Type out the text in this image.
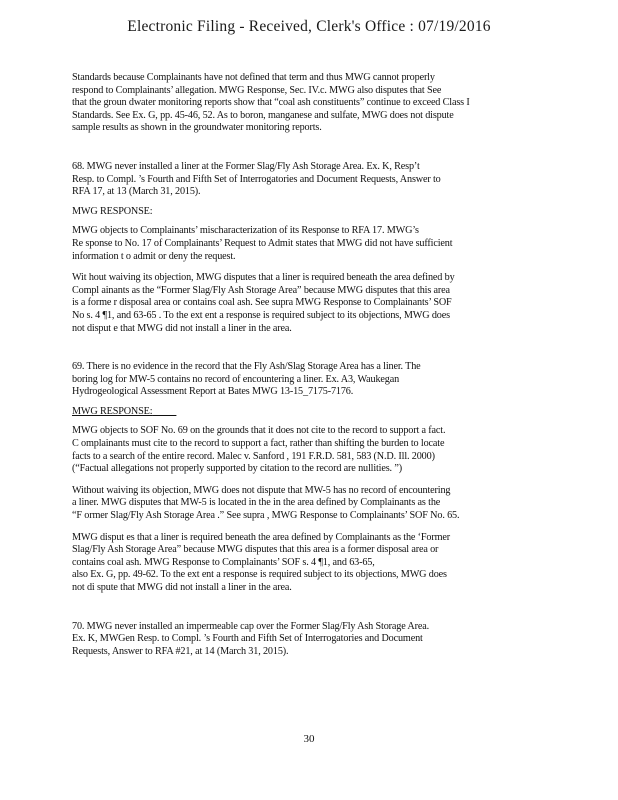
Electronic Filing - Received, Clerk's Office : 07/19/2016

Standards because Complainants have not defined that term and thus MWG cannot properly

respond to Complainants’ allegation. MWG Response, Sec. IV.c. MWG also disputes that See

that the groun dwater monitoring reports show that “coal ash constituents” continue to exceed Class I

Standards. See Ex. G, pp. 45-46, 52. As to boron, manganese and sulfate, MWG does not dispute

sample results as shown in the groundwater monitoring reports.

68. MWG never installed a liner at the Former Slag/Fly Ash Storage Area. Ex. K, Resp’t

Resp. to Compl. ’s Fourth and Fifth Set of Interrogatories and Document Requests, Answer to

RFA 17, at 13 (March 31, 2015).

MWG RESPONSE:

MWG objects to Complainants’ mischaracterization of its Response to RFA 17. MWG’s

Re sponse to No. 17 of Complainants’ Request to Admit states that MWG did not have sufficient

information t o admit or deny the request.

Wit hout waiving its objection, MWG disputes that a liner is required beneath the area defined by

Compl ainants as the “Former Slag/Fly Ash Storage Area” because MWG disputes that this area

is a forme r disposal area or contains coal ash. See supra MWG Response to Complainants’ SOF

No s. 4 ¶1, and 63-65 . To the ext ent a response is required subject to its objections, MWG does

not disput e that MWG did not install a liner in the area.

69. There is no evidence in the record that the Fly Ash/Slag Storage Area has a liner. The

boring log for MW-5 contains no record of encountering a liner. Ex. A3, Waukegan

Hydrogeological Assessment Report at Bates MWG 13-15_7175-7176.

MWG RESPONSE:

MWG objects to SOF No. 69 on the grounds that it does not cite to the record to support a fact.

C omplainants must cite to the record to support a fact, rather than shifting the burden to locate

facts to a search of the entire record. Malec v. Sanford , 191 F.R.D. 581, 583 (N.D. Ill. 2000)

(“Factual allegations not properly supported by citation to the record are nullities. ”)

Without waiving its objection, MWG does not dispute that MW-5 has no record of encountering

a liner. MWG disputes that MW-5 is located in the in the area defined by Complainants as the

“F ormer Slag/Fly Ash Storage Area .” See supra , MWG Response to Complainants’ SOF No. 65.

MWG disput es that a liner is required beneath the area defined by Complainants as the ‘Former

Slag/Fly Ash Storage Area” because MWG disputes that this area is a former disposal area or

contains coal ash. MWG Response to Complainants’ SOF s. 4 ¶1, and 63-65,

also Ex. G, pp. 49-62. To the ext ent a response is required subject to its objections, MWG does

not di spute that MWG did not install a liner in the area.

70. MWG never installed an impermeable cap over the Former Slag/Fly Ash Storage Area.

Ex. K, MWGen Resp. to Compl. ’s Fourth and Fifth Set of Interrogatories and Document

Requests, Answer to RFA #21, at 14 (March 31, 2015).

30
